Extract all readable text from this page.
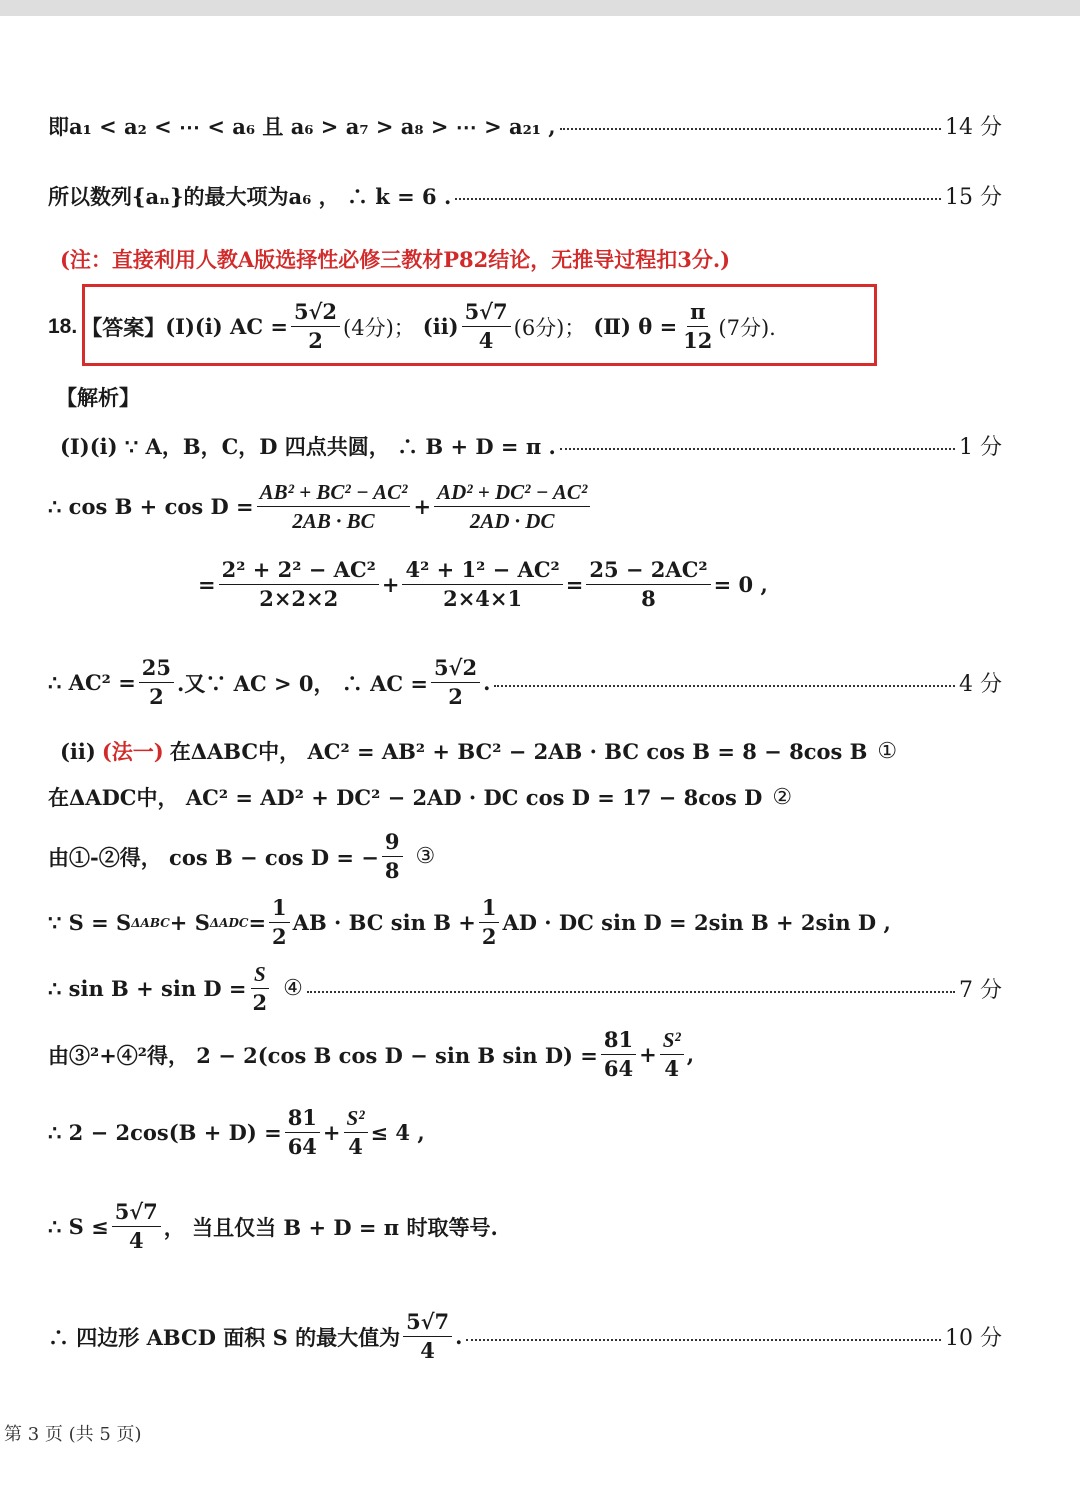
即a₁ < a₂ < ⋯ < a₆ 且 a₆ > a₇ > a₈ > ⋯ > a₂₁ ,	14 分
所以数列{aₙ}的最大项为a₆ ， ∴ k = 6 .	15 分
(注：直接利用人教A版选择性必修三教材P82结论，无推导过程扣3分.)
18. 【答案】 (Ⅰ)(ⅰ) AC = $\frac{5√2}{2} (4$分)； (ⅱ) $\frac{5√7}{4} (6$分)； (Ⅱ) $\theta = \frac{\pi}{12} (7$分).
【解析】
(Ⅰ)(ⅰ) ∵ A，B，C，D 四点共圆， ∴ B + D = π .	1 分
∴ $\cos B + \cos D = \frac{\text{AB² + BC² − AC²}}{2AB \cdot BC} + \frac{\text{AD² + DC² − AC²}}{2AD \cdot DC}$
= $\frac{\text{2² + 2² − AC²}}{2\times 2\times 2} + \frac{\text{4² + 1² − AC²}}{2\times 4\times 1} = \frac{\text{25 − 2AC²}}{8} = 0$ ,
∴ $AC^2 = \frac{25}{2}$ .又∵ AC > 0， ∴ AC = $\frac{5√2}{2}$ .	4 分
(ⅱ) (法一) 在ΔABC中， AC² = AB² + BC² − 2AB · BC cos B = 8 − 8cos B ①
在ΔADC中， AC² = AD² + DC² − 2AD · DC cos D = 17 − 8cos D ②
由①-②得， cos B − cos D = − $\frac{9}{8}$ ③
∵ S = S ΔABC + S $\Delta ADC = \frac{1}{2}$ AB · BC $\sin B + \frac{1}{2}$ AD · DC sin D = 2sin B + 2sin D ,
∴ $\sin B + \sin D = \frac{S}{2}$ ④	7 分
由③²+④²得， 2 − 2(cos B cos D − sin B $\sin D) = \frac{81}{64} + \frac{\text{S²}}{4}$ ,
∴ $2 - 2\cos(B + D) = \frac{81}{64} + \frac{\text{S²}}{4} \le 4$ ,
∴ $S \le \frac{5√7}{4}$ ， 当且仅当 B + D = π 时取等号.
∴ 四边形 ABCD 面积 S 的最大值为 $\frac{5√7}{4}$ .	10 分
第 3 页 (共 5 页)
